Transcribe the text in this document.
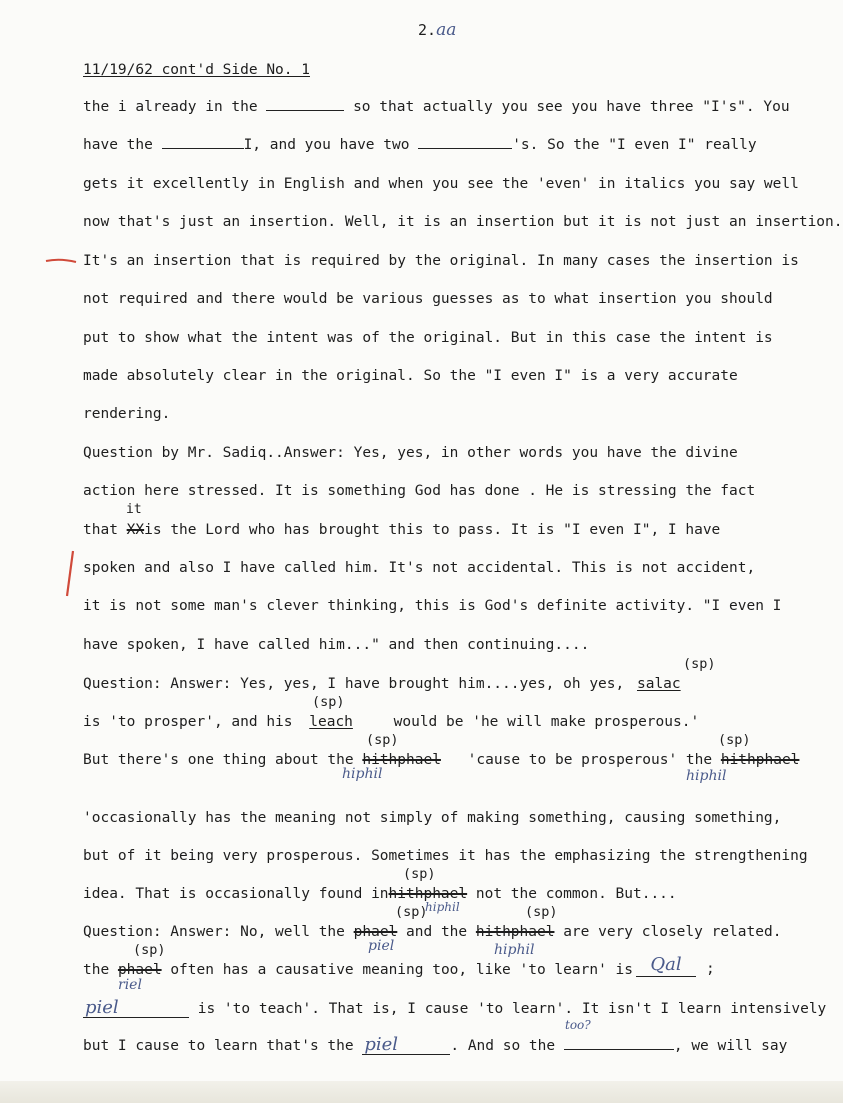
2.aa
11/19/62 cont'd Side No. 1
the i already in the	so that actually you see you have three "I's". You
have the	I, and you have two	's. So the "I even I" really
gets it excellently in English and when you see the 'even' in italics you say well
now that's just an insertion. Well, it is an insertion but it is not just an insertion.
It's an insertion that is required by the original. In many cases the insertion is
not required and there would be various guesses as to what insertion you should
put to show what the intent was of the original. But in this case the intent is
made absolutely clear in the original. So the "I even I" is a very accurate
rendering.
Question by Mr. Sadiq..Answer: Yes, yes, in other words you have the divine
action here stressed. It is something God has done . He is stressing the fact
it
that XXis the Lord who has brought this to pass. It is "I even I", I have
spoken and also I have called him. It's not accidental. This is not accident,
it is not some man's clever thinking, this is God's definite activity. "I even I
have spoken, I have called him..." and then continuing....
(sp)
Question: Answer: Yes, yes, I have brought him....yes, oh yes, salac
(sp)
is 'to prosper', and his leach	would be 'he will make prosperous.'
(sp)	(sp)
But there's one thing about the hithphael 'cause to be prosperous' the hithphael
hiphil	hiphil
'occasionally has the meaning not simply of making something, causing something,
but of it being very prosperous. Sometimes it has the emphasizing the strengthening
(sp)
idea. That is occasionally found inhithphael not the common. But....
(sp)
hiphil	(sp)
Question: Answer: No, well the phael and the hithphael are very closely related.
piel	hiphil
(sp)
the phael often has a causative meaning too, like 'to learn' is Qal	;
riel
piel	is 'to teach'. That is, I cause 'to learn'. It isn't I learn intensively
too?
but I cause to learn that's the piel	. And so the	, we will say
